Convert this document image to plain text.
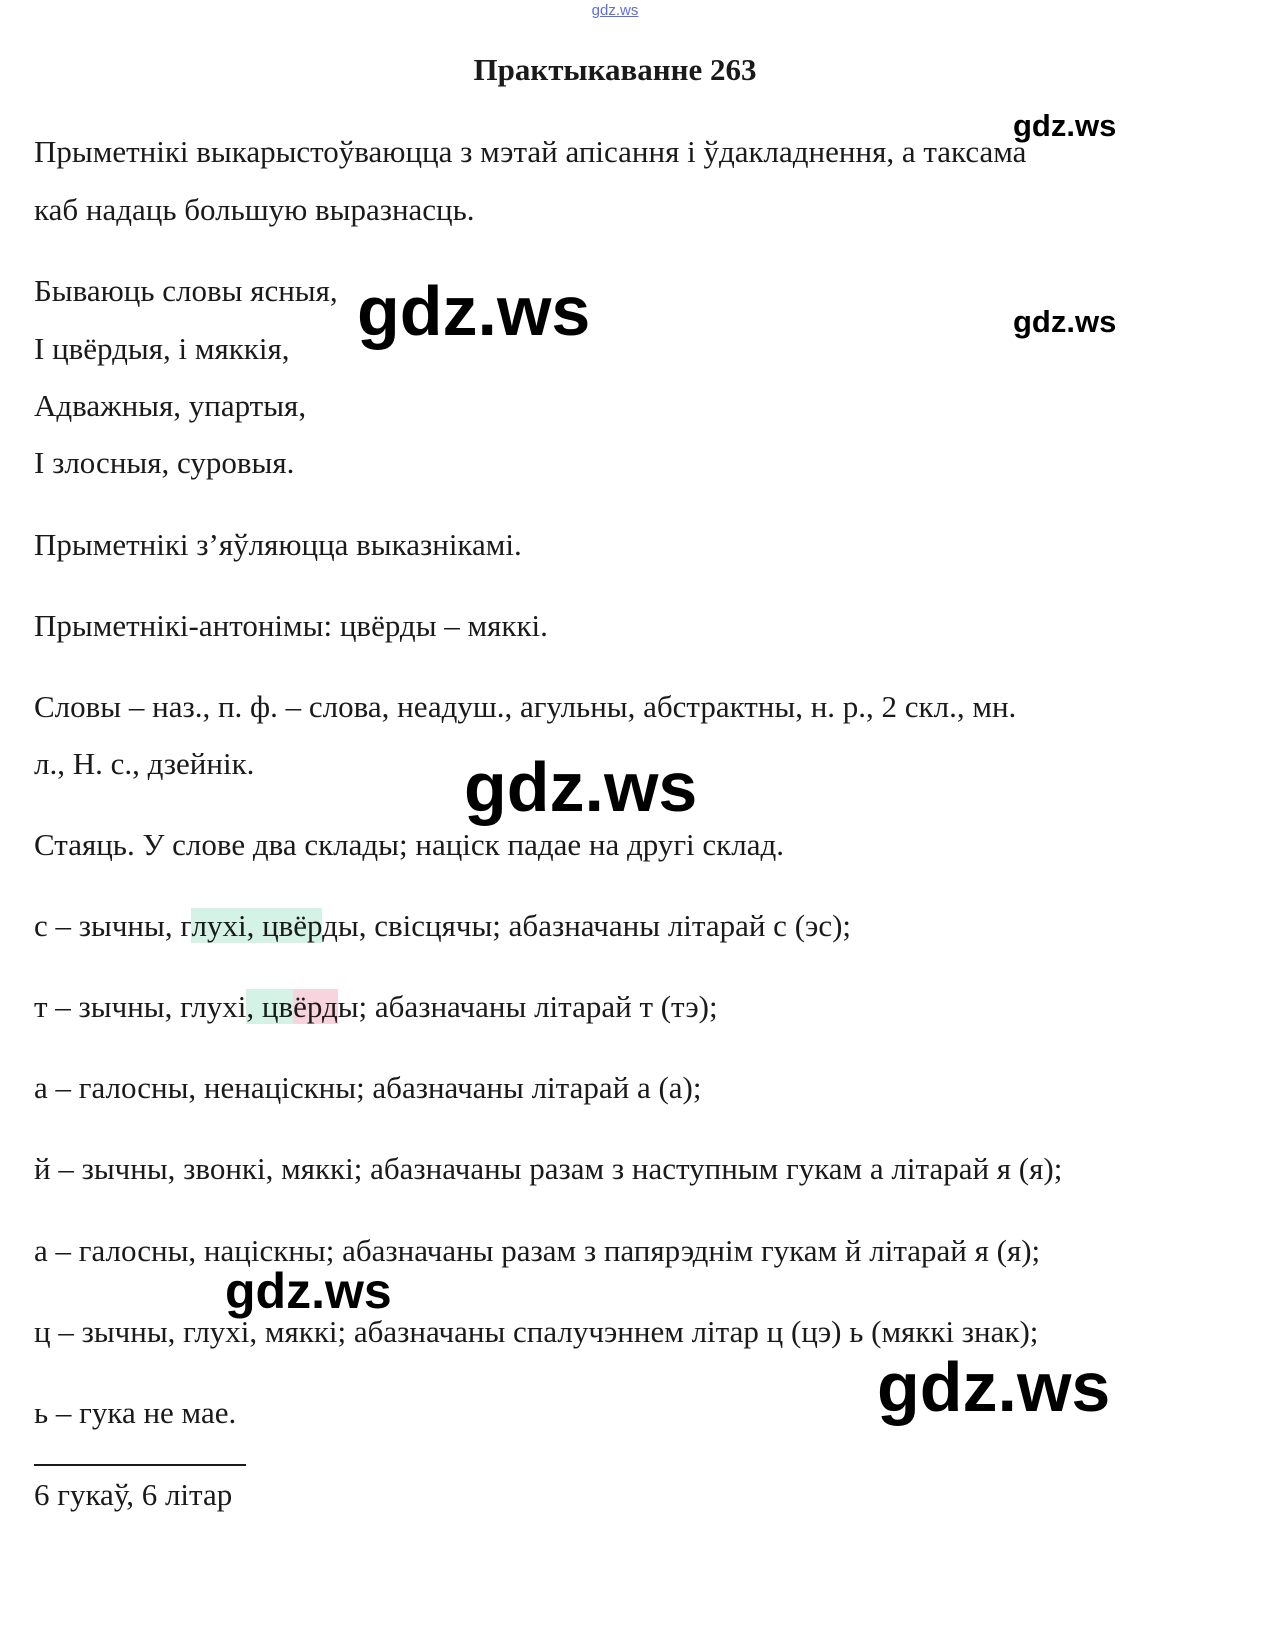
gdz.ws
Практыкаванне 263
Прыметнікі выкарыстоўваюцца з мэтай апісання і ўдакладнення, а таксама
каб надаць большую выразнасць.
Бываюць словы ясныя,
І цвёрдыя, і мяккія,
Адважныя, упартыя,
І злосныя, суровыя.
Прыметнікі з’яўляюцца выказнікамі.
Прыметнікі-антонімы: цвёрды – мяккі.
Словы – наз., п. ф. – слова, неадуш., агульны, абстрактны, н. р., 2 скл., мн.
л., Н. с., дзейнік.
Стаяць. У слове два склады; націск падае на другі склад.
с – зычны, глухі, цвёрды, свісцячы; абазначаны літарай с (эс);
т – зычны, глухі, цвёрды; абазначаны літарай т (тэ);
а – галосны, ненаціскны; абазначаны літарай а (а);
й – зычны, звонкі, мяккі; абазначаны разам з наступным гукам а літарай я (я);
а – галосны, націскны; абазначаны разам з папярэднім гукам й літарай я (я);
ц – зычны, глухі, мяккі; абазначаны спалучэннем літар ц (цэ) ь (мяккі знак);
ь – гука не мае.
6 гукаў, 6 літар
gdz.ws
gdz.ws	gdz.ws
gdz.ws
gdz.ws
gdz.ws
